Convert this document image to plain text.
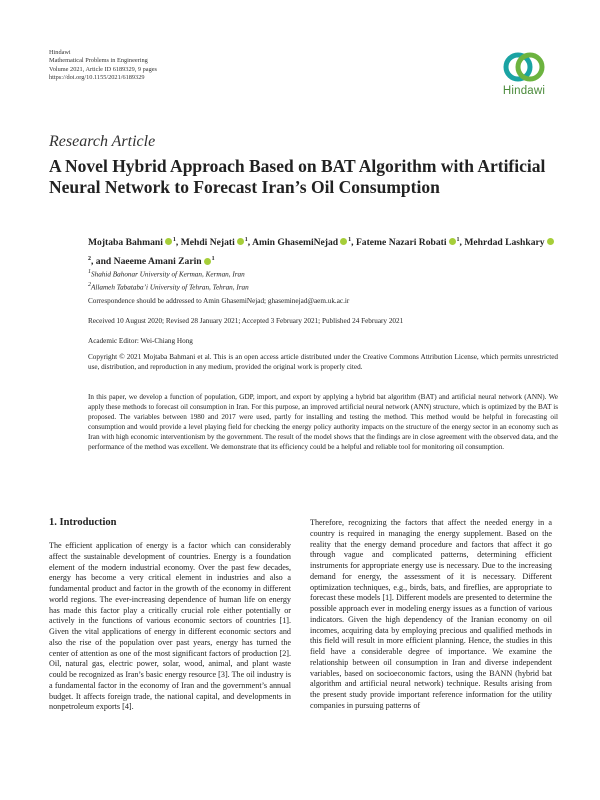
Hindawi
Mathematical Problems in Engineering
Volume 2021, Article ID 6189329, 9 pages
https://doi.org/10.1155/2021/6189329
Hindawi
Research Article
A Novel Hybrid Approach Based on BAT Algorithm with Artificial Neural Network to Forecast Iran’s Oil Consumption
Mojtaba Bahmani $^1$, Mehdi Nejati $^1$, Amin GhasemiNejad $^1$, Fateme Nazari Robati $^1$, Mehrdad Lashkary$^2$, and Naeeme Amani Zarin $^1$
$^1$Shahid Bahonar University of Kerman, Kerman, Iran
$^2$Allameh Tabataba’i University of Tehran, Tehran, Iran
Correspondence should be addressed to Amin GhasemiNejad; ghaseminejad@aem.uk.ac.ir
Received 10 August 2020; Revised 28 January 2021; Accepted 3 February 2021; Published 24 February 2021
Academic Editor: Wei-Chiang Hong
Copyright © 2021 Mojtaba Bahmani et al. This is an open access article distributed under the Creative Commons Attribution License, which permits unrestricted use, distribution, and reproduction in any medium, provided the original work is properly cited.
In this paper, we develop a function of population, GDP, import, and export by applying a hybrid bat algorithm (BAT) and artificial neural network (ANN). We apply these methods to forecast oil consumption in Iran. For this purpose, an improved artificial neural network (ANN) structure, which is optimized by the BAT is proposed. The variables between 1980 and 2017 were used, partly for installing and testing the method. This method would be helpful in forecasting oil consumption and would provide a level playing field for checking the energy policy authority impacts on the structure of the energy sector in an economy such as Iran with high economic interventionism by the government. The result of the model shows that the findings are in close agreement with the observed data, and the performance of the method was excellent. We demonstrate that its efficiency could be a helpful and reliable tool for monitoring oil consumption.
1. Introduction

The efficient application of energy is a factor which can considerably affect the sustainable development of countries. Energy is a foundation element of the modern industrial economy. Over the past few decades, energy has become a very critical element in industries and also a fundamental product and factor in the growth of the economy in different world regions. The ever-increasing dependence of human life on energy has made this factor play a critically crucial role either potentially or actively in the functions of various economic sectors of countries [1]. Given the vital applications of energy in different economic sectors and also the rise of the population over past years, energy has turned the center of attention as one of the most significant factors of production [2]. Oil, natural gas, electric power, solar, wood, animal, and plant waste could be recognized as Iran’s basic energy resource [3]. The oil industry is a fundamental factor in the economy of Iran and the government’s annual budget. It affects foreign trade, the national capital, and developments in nonpetroleum exports [4].

Therefore, recognizing the factors that affect the needed energy in a country is required in managing the energy supplement. Based on the reality that the energy demand procedure and factors that affect it go through vague and complicated patterns, determining efficient instruments for appropriate energy use is necessary. Due to the increasing demand for energy, the assessment of it is necessary. Different optimization techniques, e.g., birds, bats, and fireflies, are appropriate to forecast these models [1]. Different models are presented to determine the possible approach ever in modeling energy issues as a function of various indicators. Given the high dependency of the Iranian economy on oil incomes, acquiring data by employing precious and qualified methods in this field will result in more efficient planning. Hence, the studies in this field have a considerable degree of importance. We examine the relationship between oil consumption in Iran and diverse independent variables, based on socioeconomic factors, using the BANN (hybrid bat algorithm and artificial neural network) technique. Results arising from the present study provide important reference information for the utility companies in pursuing patterns of
